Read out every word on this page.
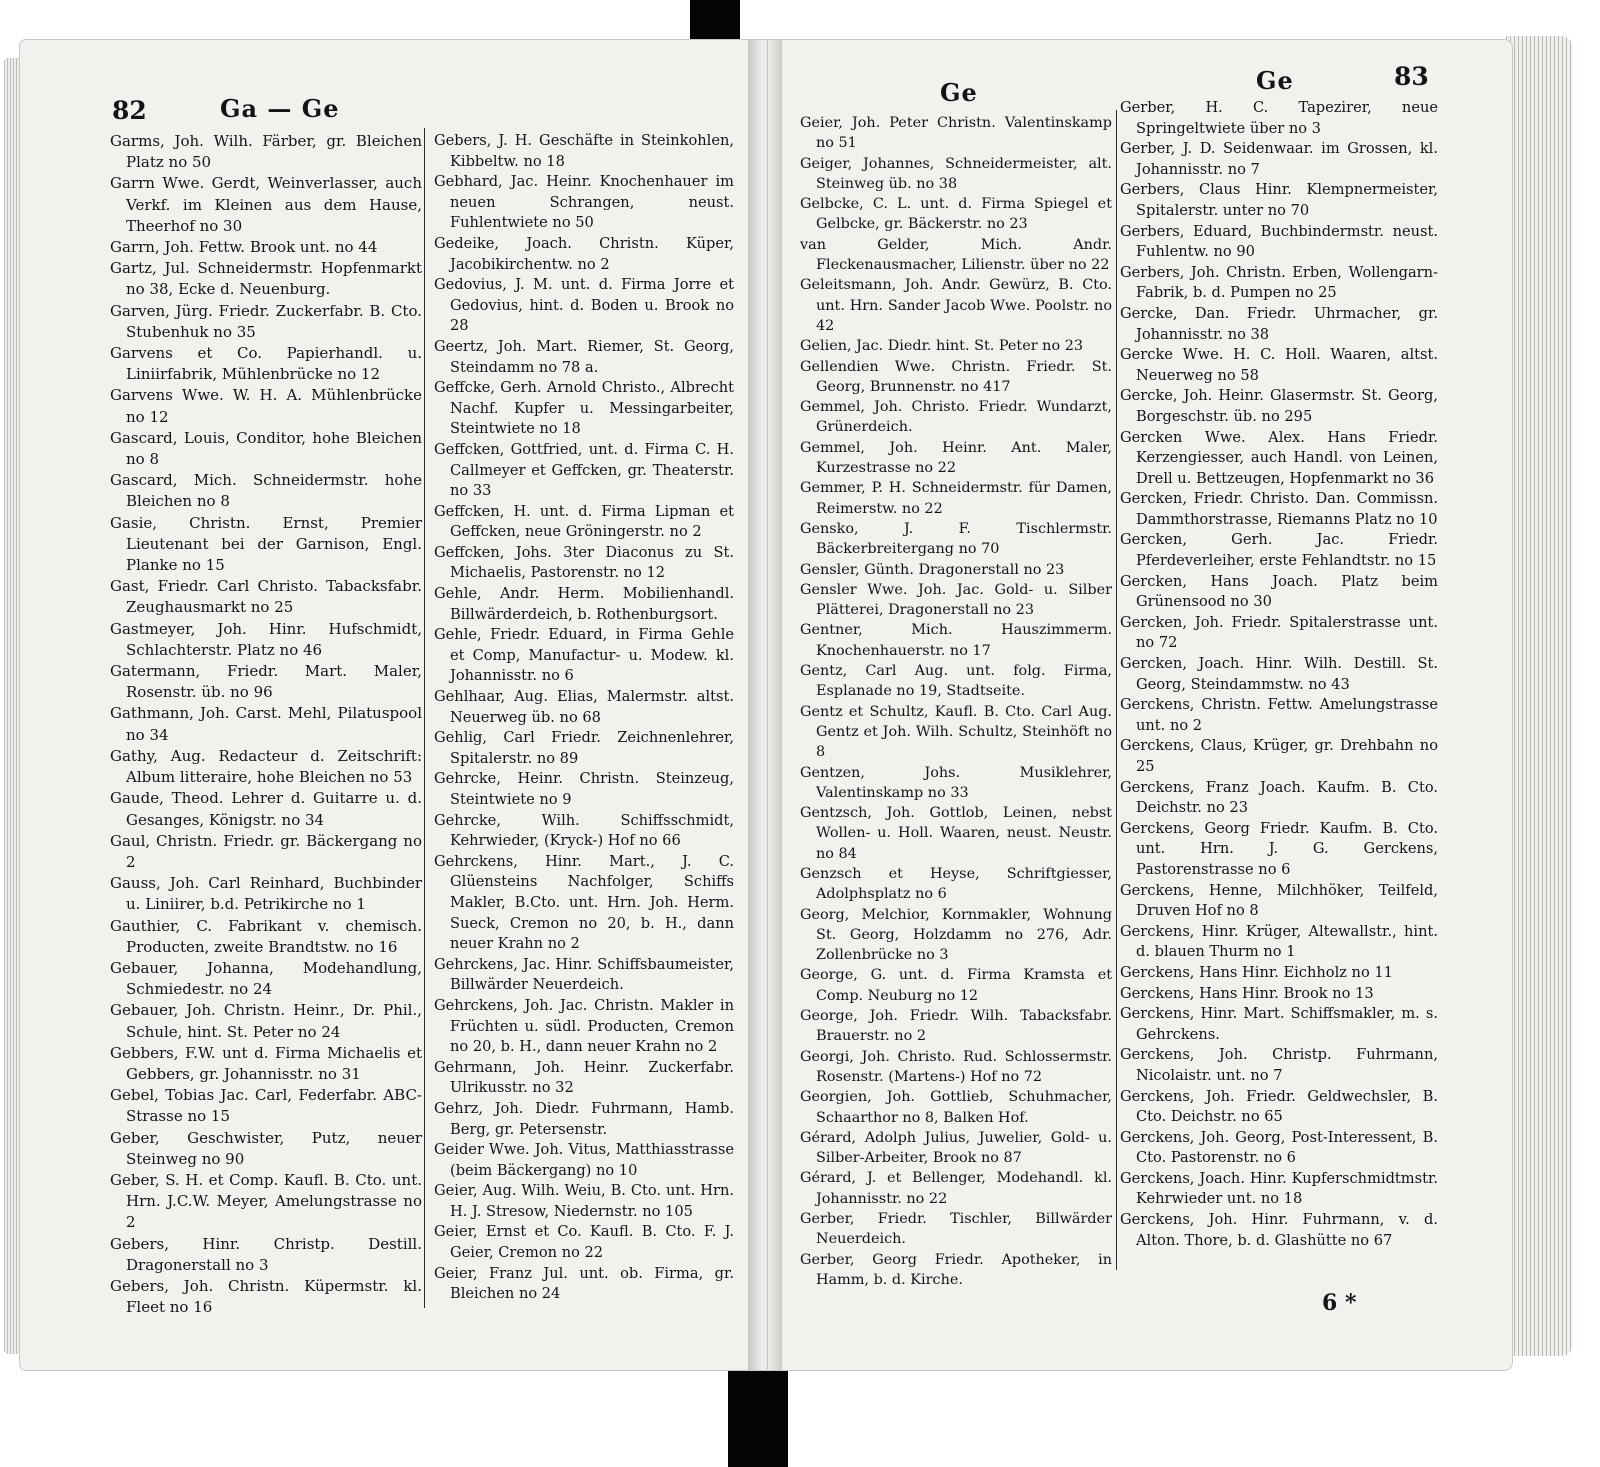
82	Ga — Ge
Ge	Ge	83

Garms, Joh. Wilh. Färber, gr. Bleichen Platz no 50

Garrn Wwe. Gerdt, Weinverlasser, auch Verkf. im Kleinen aus dem Hause, Theerhof no 30

Garrn, Joh. Fettw. Brook unt. no 44

Gartz, Jul. Schneidermstr. Hopfenmarkt no 38, Ecke d. Neuenburg.

Garven, Jürg. Friedr. Zuckerfabr. B. Cto. Stubenhuk no 35

Garvens et Co. Papierhandl. u. Liniirfabrik, Mühlenbrücke no 12

Garvens Wwe. W. H. A. Mühlenbrücke no 12

Gascard, Louis, Conditor, hohe Bleichen no 8

Gascard, Mich. Schneidermstr. hohe Bleichen no 8

Gasie, Christn. Ernst, Premier Lieutenant bei der Garnison, Engl. Planke no 15

Gast, Friedr. Carl Christo. Tabacksfabr. Zeughausmarkt no 25

Gastmeyer, Joh. Hinr. Hufschmidt, Schlachterstr. Platz no 46

Gatermann, Friedr. Mart. Maler, Rosenstr. üb. no 96

Gathmann, Joh. Carst. Mehl, Pilatuspool no 34

Gathy, Aug. Redacteur d. Zeitschrift: Album litteraire, hohe Bleichen no 53

Gaude, Theod. Lehrer d. Guitarre u. d. Gesanges, Königstr. no 34

Gaul, Christn. Friedr. gr. Bäckergang no 2

Gauss, Joh. Carl Reinhard, Buchbinder u. Liniirer, b.d. Petrikirche no 1

Gauthier, C. Fabrikant v. chemisch. Producten, zweite Brandtstw. no 16

Gebauer, Johanna, Modehandlung, Schmiedestr. no 24

Gebauer, Joh. Christn. Heinr., Dr. Phil., Schule, hint. St. Peter no 24

Gebbers, F.W. unt d. Firma Michaelis et Gebbers, gr. Johannisstr. no 31

Gebel, Tobias Jac. Carl, Federfabr. ABC-Strasse no 15

Geber, Geschwister, Putz, neuer Steinweg no 90

Geber, S. H. et Comp. Kaufl. B. Cto. unt. Hrn. J.C.W. Meyer, Amelungstrasse no 2

Gebers, Hinr. Christp. Destill. Dragonerstall no 3

Gebers, Joh. Christn. Küpermstr. kl. Fleet no 16

Gebers, J. H. Geschäfte in Steinkohlen, Kibbeltw. no 18

Gebhard, Jac. Heinr. Knochenhauer im neuen Schrangen, neust. Fuhlentwiete no 50

Gedeike, Joach. Christn. Küper, Jacobikirchentw. no 2

Gedovius, J. M. unt. d. Firma Jorre et Gedovius, hint. d. Boden u. Brook no 28

Geertz, Joh. Mart. Riemer, St. Georg, Steindamm no 78 a.

Geffcke, Gerh. Arnold Christo., Albrecht Nachf. Kupfer u. Messingarbeiter, Steintwiete no 18

Geffcken, Gottfried, unt. d. Firma C. H. Callmeyer et Geffcken, gr. Theaterstr. no 33

Geffcken, H. unt. d. Firma Lipman et Geffcken, neue Gröningerstr. no 2

Geffcken, Johs. 3ter Diaconus zu St. Michaelis, Pastorenstr. no 12

Gehle, Andr. Herm. Mobilienhandl. Billwärderdeich, b. Rothenburgsort.

Gehle, Friedr. Eduard, in Firma Gehle et Comp, Manufactur- u. Modew. kl. Johannisstr. no 6

Gehlhaar, Aug. Elias, Malermstr. altst. Neuerweg üb. no 68

Gehlig, Carl Friedr. Zeichnenlehrer, Spitalerstr. no 89

Gehrcke, Heinr. Christn. Steinzeug, Steintwiete no 9

Gehrcke, Wilh. Schiffsschmidt, Kehrwieder, (Kryck-) Hof no 66

Gehrckens, Hinr. Mart., J. C. Glüensteins Nachfolger, Schiffs Makler, B.Cto. unt. Hrn. Joh. Herm. Sueck, Cremon no 20, b. H., dann neuer Krahn no 2

Gehrckens, Jac. Hinr. Schiffsbaumeister, Billwärder Neuerdeich.

Gehrckens, Joh. Jac. Christn. Makler in Früchten u. südl. Producten, Cremon no 20, b. H., dann neuer Krahn no 2

Gehrmann, Joh. Heinr. Zuckerfabr. Ulrikusstr. no 32

Gehrz, Joh. Diedr. Fuhrmann, Hamb. Berg, gr. Petersenstr.

Geider Wwe. Joh. Vitus, Matthiasstrasse (beim Bäckergang) no 10

Geier, Aug. Wilh. Weiu, B. Cto. unt. Hrn. H. J. Stresow, Niedernstr. no 105

Geier, Ernst et Co. Kaufl. B. Cto. F. J. Geier, Cremon no 22

Geier, Franz Jul. unt. ob. Firma, gr. Bleichen no 24

Geier, Joh. Peter Christn. Valentinskamp no 51

Geiger, Johannes, Schneidermeister, alt. Steinweg üb. no 38

Gelbcke, C. L. unt. d. Firma Spiegel et Gelbcke, gr. Bäckerstr. no 23

van Gelder, Mich. Andr. Fleckenausmacher, Lilienstr. über no 22

Geleitsmann, Joh. Andr. Gewürz, B. Cto. unt. Hrn. Sander Jacob Wwe. Poolstr. no 42

Gelien, Jac. Diedr. hint. St. Peter no 23

Gellendien Wwe. Christn. Friedr. St. Georg, Brunnenstr. no 417

Gemmel, Joh. Christo. Friedr. Wundarzt, Grünerdeich.

Gemmel, Joh. Heinr. Ant. Maler, Kurzestrasse no 22

Gemmer, P. H. Schneidermstr. für Damen, Reimerstw. no 22

Gensko, J. F. Tischlermstr. Bäckerbreitergang no 70

Gensler, Günth. Dragonerstall no 23

Gensler Wwe. Joh. Jac. Gold- u. Silber Plätterei, Dragonerstall no 23

Gentner, Mich. Hauszimmerm. Knochenhauerstr. no 17

Gentz, Carl Aug. unt. folg. Firma, Esplanade no 19, Stadtseite.

Gentz et Schultz, Kaufl. B. Cto. Carl Aug. Gentz et Joh. Wilh. Schultz, Steinhöft no 8

Gentzen, Johs. Musiklehrer, Valentinskamp no 33

Gentzsch, Joh. Gottlob, Leinen, nebst Wollen- u. Holl. Waaren, neust. Neustr. no 84

Genzsch et Heyse, Schriftgiesser, Adolphsplatz no 6

Georg, Melchior, Kornmakler, Wohnung St. Georg, Holzdamm no 276, Adr. Zollenbrücke no 3

George, G. unt. d. Firma Kramsta et Comp. Neuburg no 12

George, Joh. Friedr. Wilh. Tabacksfabr. Brauerstr. no 2

Georgi, Joh. Christo. Rud. Schlossermstr. Rosenstr. (Martens-) Hof no 72

Georgien, Joh. Gottlieb, Schuhmacher, Schaarthor no 8, Balken Hof.

Gérard, Adolph Julius, Juwelier, Gold- u. Silber-Arbeiter, Brook no 87

Gérard, J. et Bellenger, Modehandl. kl. Johannisstr. no 22

Gerber, Friedr. Tischler, Billwärder Neuerdeich.

Gerber, Georg Friedr. Apotheker, in Hamm, b. d. Kirche.

Gerber, H. C. Tapezirer, neue Springeltwiete über no 3

Gerber, J. D. Seidenwaar. im Grossen, kl. Johannisstr. no 7

Gerbers, Claus Hinr. Klempnermeister, Spitalerstr. unter no 70

Gerbers, Eduard, Buchbindermstr. neust. Fuhlentw. no 90

Gerbers, Joh. Christn. Erben, Wollengarn-Fabrik, b. d. Pumpen no 25

Gercke, Dan. Friedr. Uhrmacher, gr. Johannisstr. no 38

Gercke Wwe. H. C. Holl. Waaren, altst. Neuerweg no 58

Gercke, Joh. Heinr. Glasermstr. St. Georg, Borgeschstr. üb. no 295

Gercken Wwe. Alex. Hans Friedr. Kerzengiesser, auch Handl. von Leinen, Drell u. Bettzeugen, Hopfenmarkt no 36

Gercken, Friedr. Christo. Dan. Commissn. Dammthorstrasse, Riemanns Platz no 10

Gercken, Gerh. Jac. Friedr. Pferdeverleiher, erste Fehlandtstr. no 15

Gercken, Hans Joach. Platz beim Grünensood no 30

Gercken, Joh. Friedr. Spitalerstrasse unt. no 72

Gercken, Joach. Hinr. Wilh. Destill. St. Georg, Steindammstw. no 43

Gerckens, Christn. Fettw. Amelungstrasse unt. no 2

Gerckens, Claus, Krüger, gr. Drehbahn no 25

Gerckens, Franz Joach. Kaufm. B. Cto. Deichstr. no 23

Gerckens, Georg Friedr. Kaufm. B. Cto. unt. Hrn. J. G. Gerckens, Pastorenstrasse no 6

Gerckens, Henne, Milchhöker, Teilfeld, Druven Hof no 8

Gerckens, Hinr. Krüger, Altewallstr., hint. d. blauen Thurm no 1

Gerckens, Hans Hinr. Eichholz no 11

Gerckens, Hans Hinr. Brook no 13

Gerckens, Hinr. Mart. Schiffsmakler, m. s. Gehrckens.

Gerckens, Joh. Christp. Fuhrmann, Nicolaistr. unt. no 7

Gerckens, Joh. Friedr. Geldwechsler, B. Cto. Deichstr. no 65

Gerckens, Joh. Georg, Post-Interessent, B. Cto. Pastorenstr. no 6

Gerckens, Joach. Hinr. Kupferschmidtmstr. Kehrwieder unt. no 18

Gerckens, Joh. Hinr. Fuhrmann, v. d. Alton. Thore, b. d. Glashütte no 67

6 *
